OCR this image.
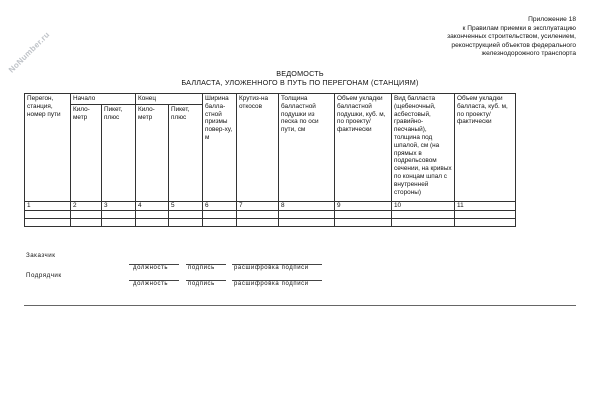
NoNumber.ru
Приложение 18
к Правилам приемки в эксплуатацию
законченных строительством, усилением,
реконструкцией объектов федерального
железнодорожного транспорта
ВЕДОМОСТЬ
БАЛЛАСТА, УЛОЖЕННОГО В ПУТЬ ПО ПЕРЕГОНАМ (СТАНЦИЯМ)
Перегон, станция, номер пути	Начало		Конец		Ширина балла-стной призмы повер-ху, м	Крутиз-на откосов	Толщина балластной подушки из песка по оси пути, см	Объем укладки балластной подушки, куб. м, по проекту/ фактически	Вид балласта (щебеночный, асбестовый, гравийно-песчаный), толщина под шпалой, см (на прямых в подрельсовом сечении, на кривых по концам шпал с внутренней стороны)	Объем укладки балласта, куб. м, по проекту/ фактически
	Кило-метр	Пикет, плюс	Кило-метр	Пикет, плюс						
1	2	3	4	5	6	7	8	9	10	11

Заказчик
должность	подпись	расшифровка подписи
Подрядчик
должность	подпись	расшифровка подписи
